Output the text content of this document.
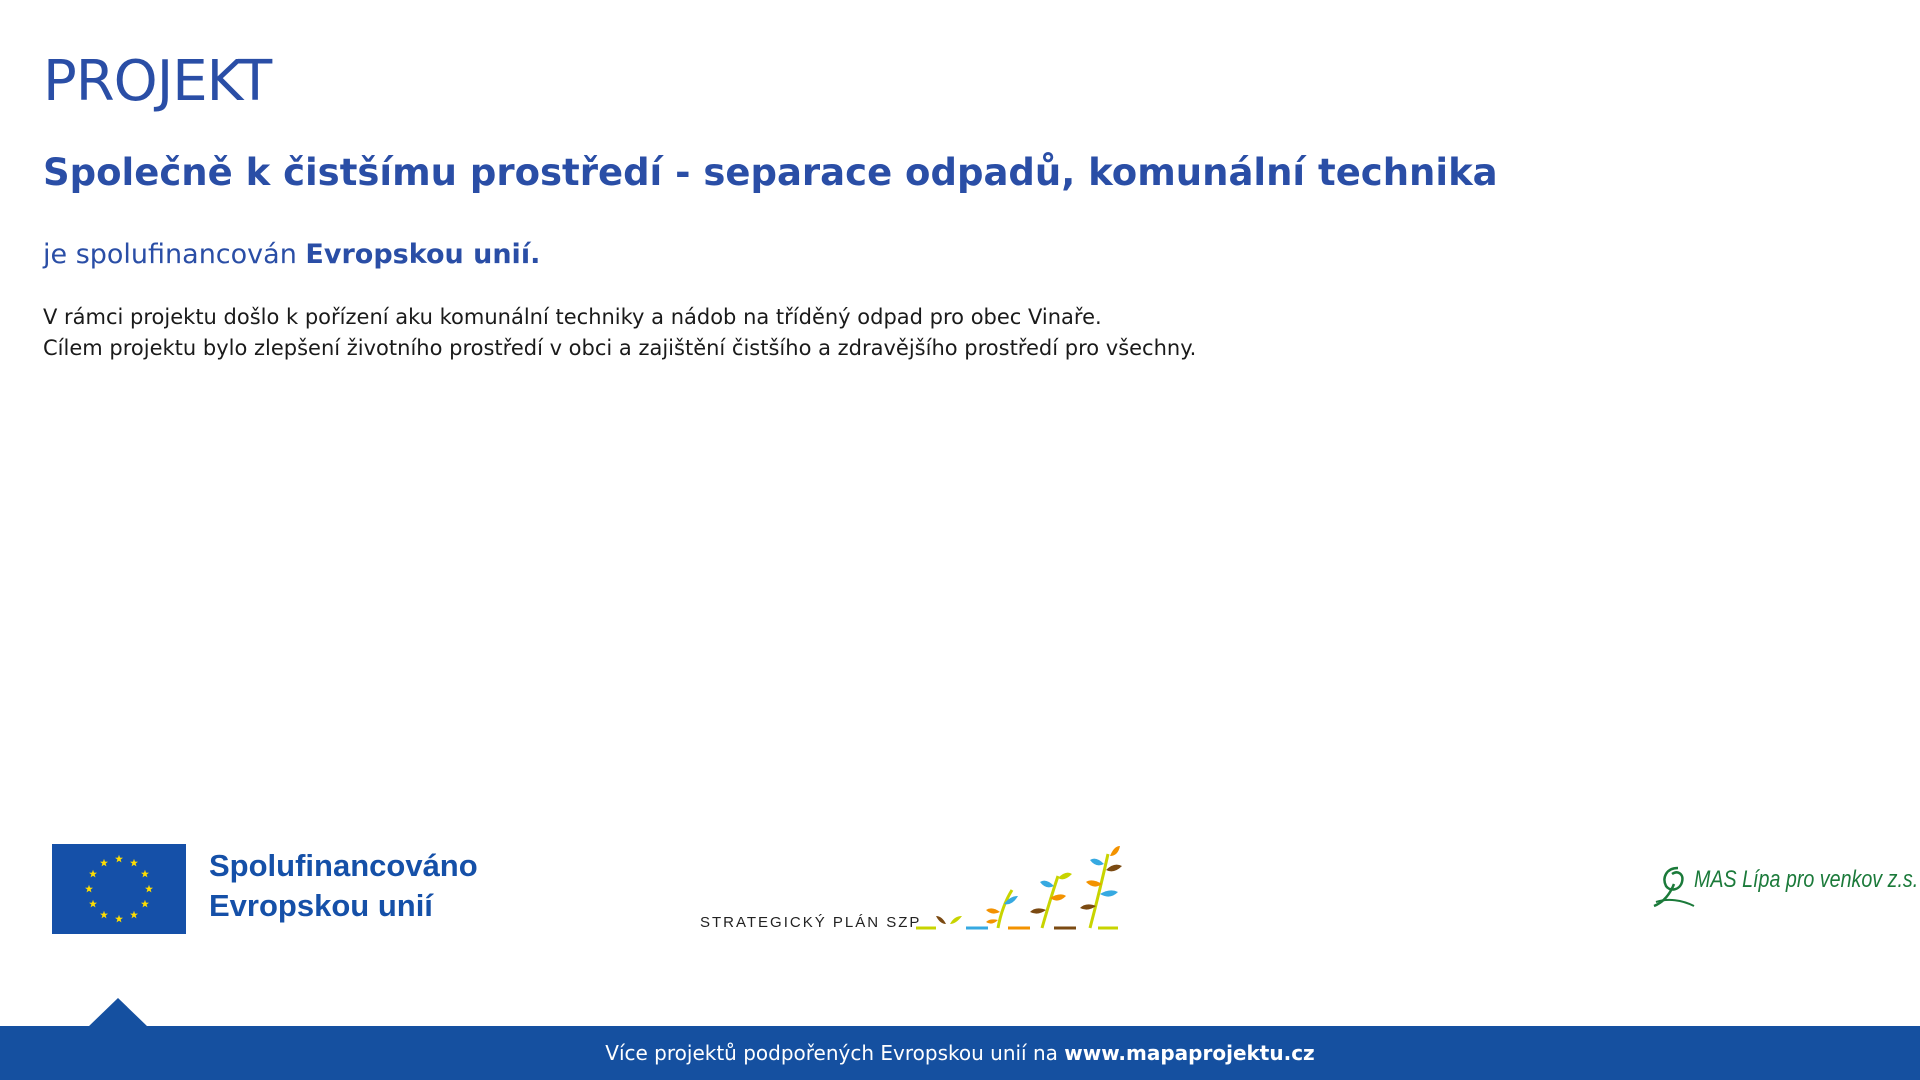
PROJEKT
Společně k čistšímu prostředí - separace odpadů, komunální technika

je spolufinancován Evropskou unií.

V rámci projektu došlo k pořízení aku komunální techniky a nádob na tříděný odpad pro obec Vinaře.

Cílem projektu bylo zlepšení životního prostředí v obci a zajištění čistšího a zdravějšího prostředí pro všechny.

Spolufinancováno
Evropskou unií	STRATEGICKÝ PLÁN SZP
MAS Lípa pro venkov z.s.
Více projektů podpořených Evropskou unií na www.mapaprojektu.cz
